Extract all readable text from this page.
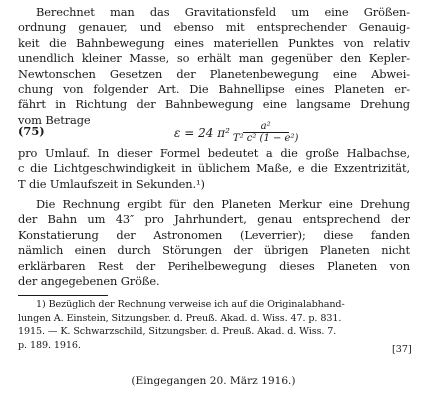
Berechnet man das Gravitationsfeld um eine Größen-
ordnung genauer, und ebenso mit entsprechender Genauig-
keit die Bahnbewegung eines materiellen Punktes von relativ
unendlich kleiner Masse, so erhält man gegenüber den Kepler-
Newtonschen Gesetzen der Planetenbewegung eine Abwei-
chung von folgender Art. Die Bahnellipse eines Planeten er-
fährt in Richtung der Bahnbewegung eine langsame Drehung
vom Betrage
(75)	ε = 24 $\pi^2 \frac{\text{a²}}{\text{T² c² (1 − e²)}}$
pro Umlauf. In dieser Formel bedeutet a die große Halbachse,
c die Lichtgeschwindigkeit in üblichem Maße, e die Exzentrizität,
T die Umlaufszeit in Sekunden.¹)
Die Rechnung ergibt für den Planeten Merkur eine Drehung
der Bahn um 43″ pro Jahrhundert, genau entsprechend der
Konstatierung der Astronomen (Leverrier); diese fanden
nämlich einen durch Störungen der übrigen Planeten nicht
erklärbaren Rest der Perihelbewegung dieses Planeten von
der angegebenen Größe.
1) Bezüglich der Rechnung verweise ich auf die Originalabhand-
lungen A. Einstein, Sitzungsber. d. Preuß. Akad. d. Wiss. 47. p. 831.
1915. — K. Schwarzschild, Sitzungsber. d. Preuß. Akad. d. Wiss. 7.
p. 189. 1916.	[37]
(Eingegangen 20. März 1916.)
